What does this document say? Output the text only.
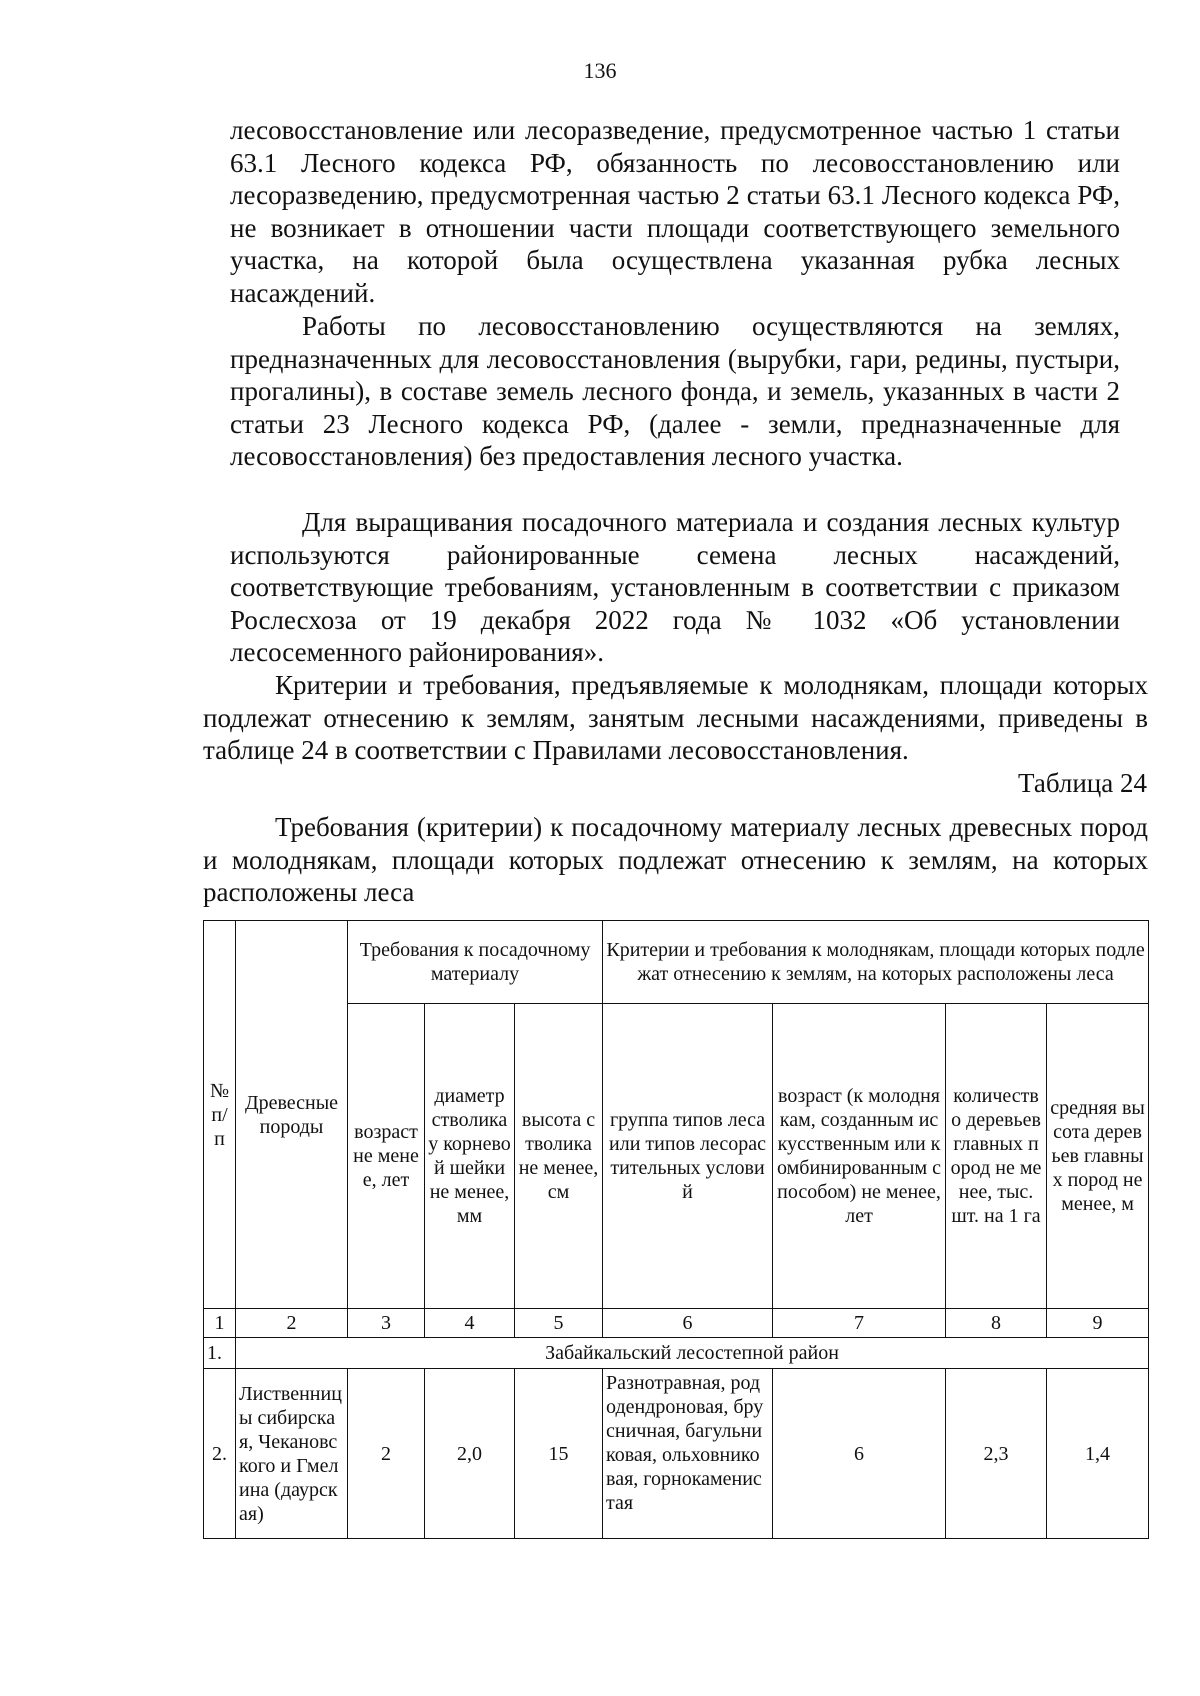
136
лесовосстановление или лесоразведение, предусмотренное частью 1 статьи 63.1 Лесного кодекса РФ, обязанность по лесовосстановлению или лесоразведению, предусмотренная частью 2 статьи 63.1 Лесного кодекса РФ, не возникает в отношении части площади соответствующего земельного участка, на которой была осуществлена указанная рубка лесных насаждений.
Работы по лесовосстановлению осуществляются на землях, предназначенных для лесовосстановления (вырубки, гари, редины, пустыри, прогалины), в составе земель лесного фонда, и земель, указанных в части 2 статьи 23 Лесного кодекса РФ, (далее - земли, предназначенные для лесовосстановления) без предоставления лесного участка.
Для выращивания посадочного материала и создания лесных культур используются районированные семена лесных насаждений, соответствующие требованиям, установленным в соответствии с приказом Рослесхоза от 19 декабря 2022 года № 1032 «Об установлении лесосеменного районирования».
Критерии и требования, предъявляемые к молоднякам, площади которых подлежат отнесению к землям, занятым лесными насаждениями, приведены в таблице 24 в соответствии с Правилами лесовосстановления.
Таблица 24
Требования (критерии) к посадочному материалу лесных древесных пород и молоднякам, площади которых подлежат отнесению к землям, на которых расположены леса
№ п/п	Древесные породы	Требования к посадочному материалу			Критерии и требования к молоднякам, площади которых подлежат отнесению к землям, на которых расположены леса			
		возраст не менее, лет	диаметр стволика у корневой шейки не менее, мм	высота стволика не менее, см	группа типов леса или типов лесорастительных условий	возраст (к молоднякам, созданным искусственным или комбинированным способом) не менее, лет	количество деревьев главных пород не менее, тыс. шт. на 1 га	средняя высота деревьев главных пород не менее, м
1	2	3	4	5	6	7	8	9
1.	Забайкальский лесостепной район							
2.	Лиственницы сибирская, Чекановского и Гмелина (даурская)	2	2,0	15	Разнотравная, рододендроновая, брусничная, багульниковая, ольховниковая, горнокаменистая	6	2,3	1,4
